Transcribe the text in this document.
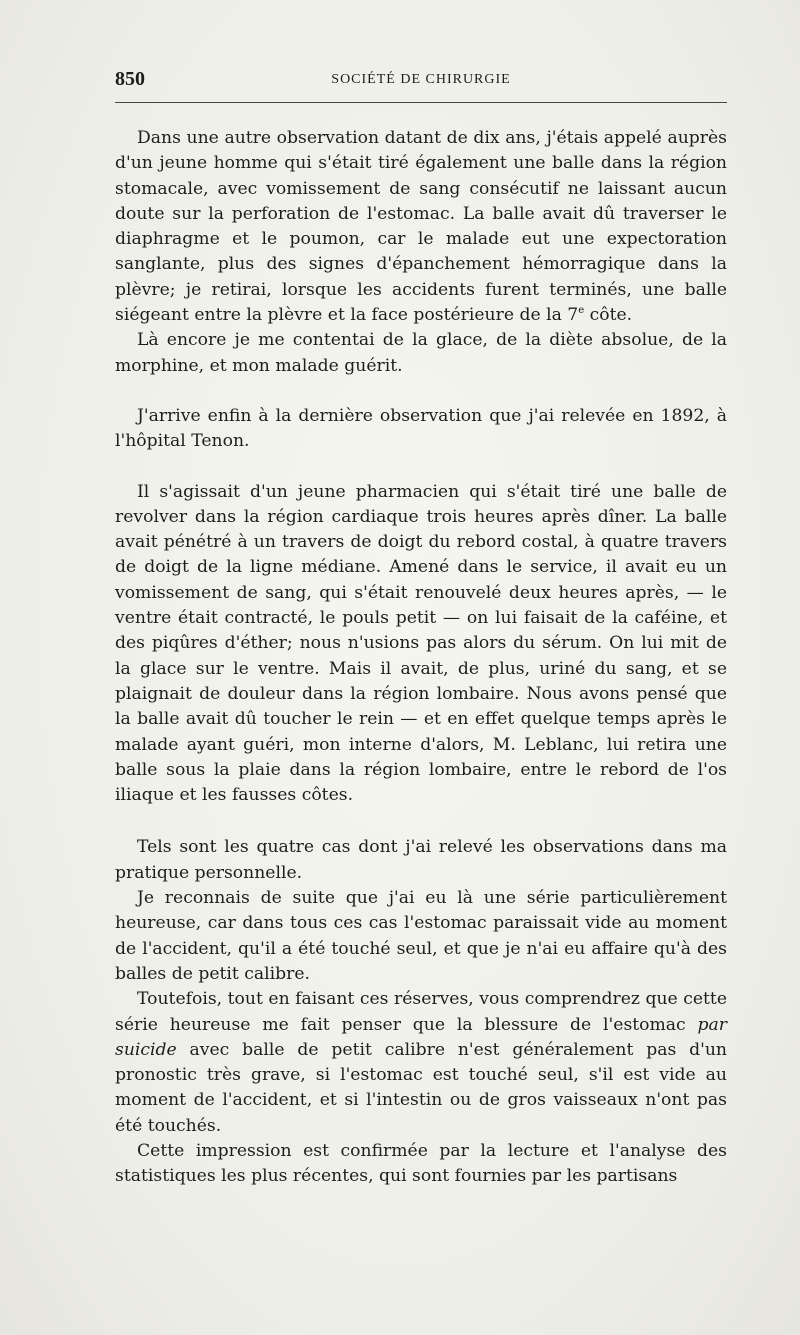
850	SOCIÉTÉ DE CHIRURGIE

Dans une autre observation datant de dix ans, j'étais appelé auprès d'un jeune homme qui s'était tiré également une balle dans la région stomacale, avec vomissement de sang consécutif ne laissant aucun doute sur la perforation de l'estomac. La balle avait dû traverser le diaphragme et le poumon, car le malade eut une expectoration sanglante, plus des signes d'épanchement hémorragique dans la plèvre; je retirai, lorsque les accidents furent terminés, une balle siégeant entre la plèvre et la face postérieure de la 7e côte.

Là encore je me contentai de la glace, de la diète absolue, de la morphine, et mon malade guérit.

J'arrive enfin à la dernière observation que j'ai relevée en 1892, à l'hôpital Tenon.

Il s'agissait d'un jeune pharmacien qui s'était tiré une balle de revolver dans la région cardiaque trois heures après dîner. La balle avait pénétré à un travers de doigt du rebord costal, à quatre travers de doigt de la ligne médiane. Amené dans le service, il avait eu un vomissement de sang, qui s'était renouvelé deux heures après, — le ventre était contracté, le pouls petit — on lui faisait de la caféine, et des piqûres d'éther; nous n'usions pas alors du sérum. On lui mit de la glace sur le ventre. Mais il avait, de plus, uriné du sang, et se plaignait de douleur dans la région lombaire. Nous avons pensé que la balle avait dû toucher le rein — et en effet quelque temps après le malade ayant guéri, mon interne d'alors, M. Leblanc, lui retira une balle sous la plaie dans la région lombaire, entre le rebord de l'os iliaque et les fausses côtes.

Tels sont les quatre cas dont j'ai relevé les observations dans ma pratique personnelle.

Je reconnais de suite que j'ai eu là une série particulièrement heureuse, car dans tous ces cas l'estomac paraissait vide au moment de l'accident, qu'il a été touché seul, et que je n'ai eu affaire qu'à des balles de petit calibre.

Toutefois, tout en faisant ces réserves, vous comprendrez que cette série heureuse me fait penser que la blessure de l'estomac par suicide avec balle de petit calibre n'est généralement pas d'un pronostic très grave, si l'estomac est touché seul, s'il est vide au moment de l'accident, et si l'intestin ou de gros vaisseaux n'ont pas été touchés.

Cette impression est confirmée par la lecture et l'analyse des statistiques les plus récentes, qui sont fournies par les partisans
